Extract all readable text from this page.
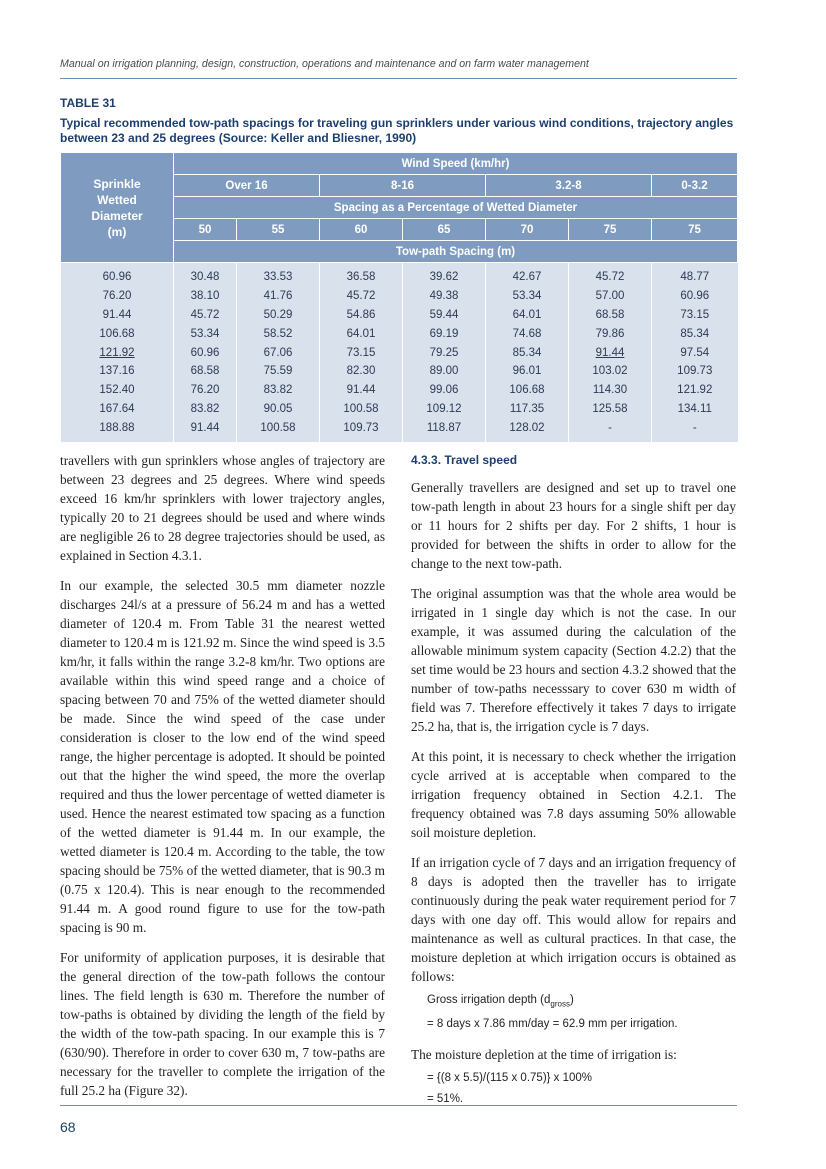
Manual on irrigation planning, design, construction, operations and maintenance and on farm water management
TABLE 31
Typical recommended tow-path spacings for traveling gun sprinklers under various wind conditions, trajectory angles between 23 and 25 degrees (Source: Keller and Bliesner, 1990)
Sprinkle
Wetted
Diameter
(m)	Wind Speed (km/hr)						
	Over 16		8-16		3.2-8		0-3.2
	Spacing as a Percentage of Wetted Diameter						
	50	55	60	65	70	75	75
	Tow-path Spacing (m)						
60.96	30.48	33.53	36.58	39.62	42.67	45.72	48.77
76.20	38.10	41.76	45.72	49.38	53.34	57.00	60.96
91.44	45.72	50.29	54.86	59.44	64.01	68.58	73.15
106.68	53.34	58.52	64.01	69.19	74.68	79.86	85.34
121.92	60.96	67.06	73.15	79.25	85.34	91.44	97.54
137.16	68.58	75.59	82.30	89.00	96.01	103.02	109.73
152.40	76.20	83.82	91.44	99.06	106.68	114.30	121.92
167.64	83.82	90.05	100.58	109.12	117.35	125.58	134.11
188.88	91.44	100.58	109.73	118.87	128.02	-	-

travellers with gun sprinklers whose angles of trajectory are between 23 degrees and 25 degrees. Where wind speeds exceed 16 km/hr sprinklers with lower trajectory angles, typically 20 to 21 degrees should be used and where winds are negligible 26 to 28 degree trajectories should be used, as explained in Section 4.3.1.

In our example, the selected 30.5 mm diameter nozzle discharges 24l/s at a pressure of 56.24 m and has a wetted diameter of 120.4 m. From Table 31 the nearest wetted diameter to 120.4 m is 121.92 m. Since the wind speed is 3.5 km/hr, it falls within the range 3.2-8 km/hr. Two options are available within this wind speed range and a choice of spacing between 70 and 75% of the wetted diameter should be made. Since the wind speed of the case under consideration is closer to the low end of the wind speed range, the higher percentage is adopted. It should be pointed out that the higher the wind speed, the more the overlap required and thus the lower percentage of wetted diameter is used. Hence the nearest estimated tow spacing as a function of the wetted diameter is 91.44 m. In our example, the wetted diameter is 120.4 m. According to the table, the tow spacing should be 75% of the wetted diameter, that is 90.3 m (0.75 x 120.4). This is near enough to the recommended 91.44 m. A good round figure to use for the tow-path spacing is 90 m.

For uniformity of application purposes, it is desirable that the general direction of the tow-path follows the contour lines. The field length is 630 m. Therefore the number of tow-paths is obtained by dividing the length of the field by the width of the tow-path spacing. In our example this is 7 (630/90). Therefore in order to cover 630 m, 7 tow-paths are necessary for the traveller to complete the irrigation of the full 25.2 ha (Figure 32).

4.3.3. Travel speed

Generally travellers are designed and set up to travel one tow-path length in about 23 hours for a single shift per day or 11 hours for 2 shifts per day. For 2 shifts, 1 hour is provided for between the shifts in order to allow for the change to the next tow-path.

The original assumption was that the whole area would be irrigated in 1 single day which is not the case. In our example, it was assumed during the calculation of the allowable minimum system capacity (Section 4.2.2) that the set time would be 23 hours and section 4.3.2 showed that the number of tow-paths necesssary to cover 630 m width of field was 7. Therefore effectively it takes 7 days to irrigate 25.2 ha, that is, the irrigation cycle is 7 days.

At this point, it is necessary to check whether the irrigation cycle arrived at is acceptable when compared to the irrigation frequency obtained in Section 4.2.1. The frequency obtained was 7.8 days assuming 50% allowable soil moisture depletion.

If an irrigation cycle of 7 days and an irrigation frequency of 8 days is adopted then the traveller has to irrigate continuously during the peak water requirement period for 7 days with one day off. This would allow for repairs and maintenance as well as cultural practices. In that case, the moisture depletion at which irrigation occurs is obtained as follows:

Gross irrigation depth $(d_{gross})$
= 8 days x 7.86 mm/day = 62.9 mm per irrigation.

The moisture depletion at the time of irrigation is:

= {(8 x 5.5)/(115 x 0.75)} x 100%
= 51%.
68
